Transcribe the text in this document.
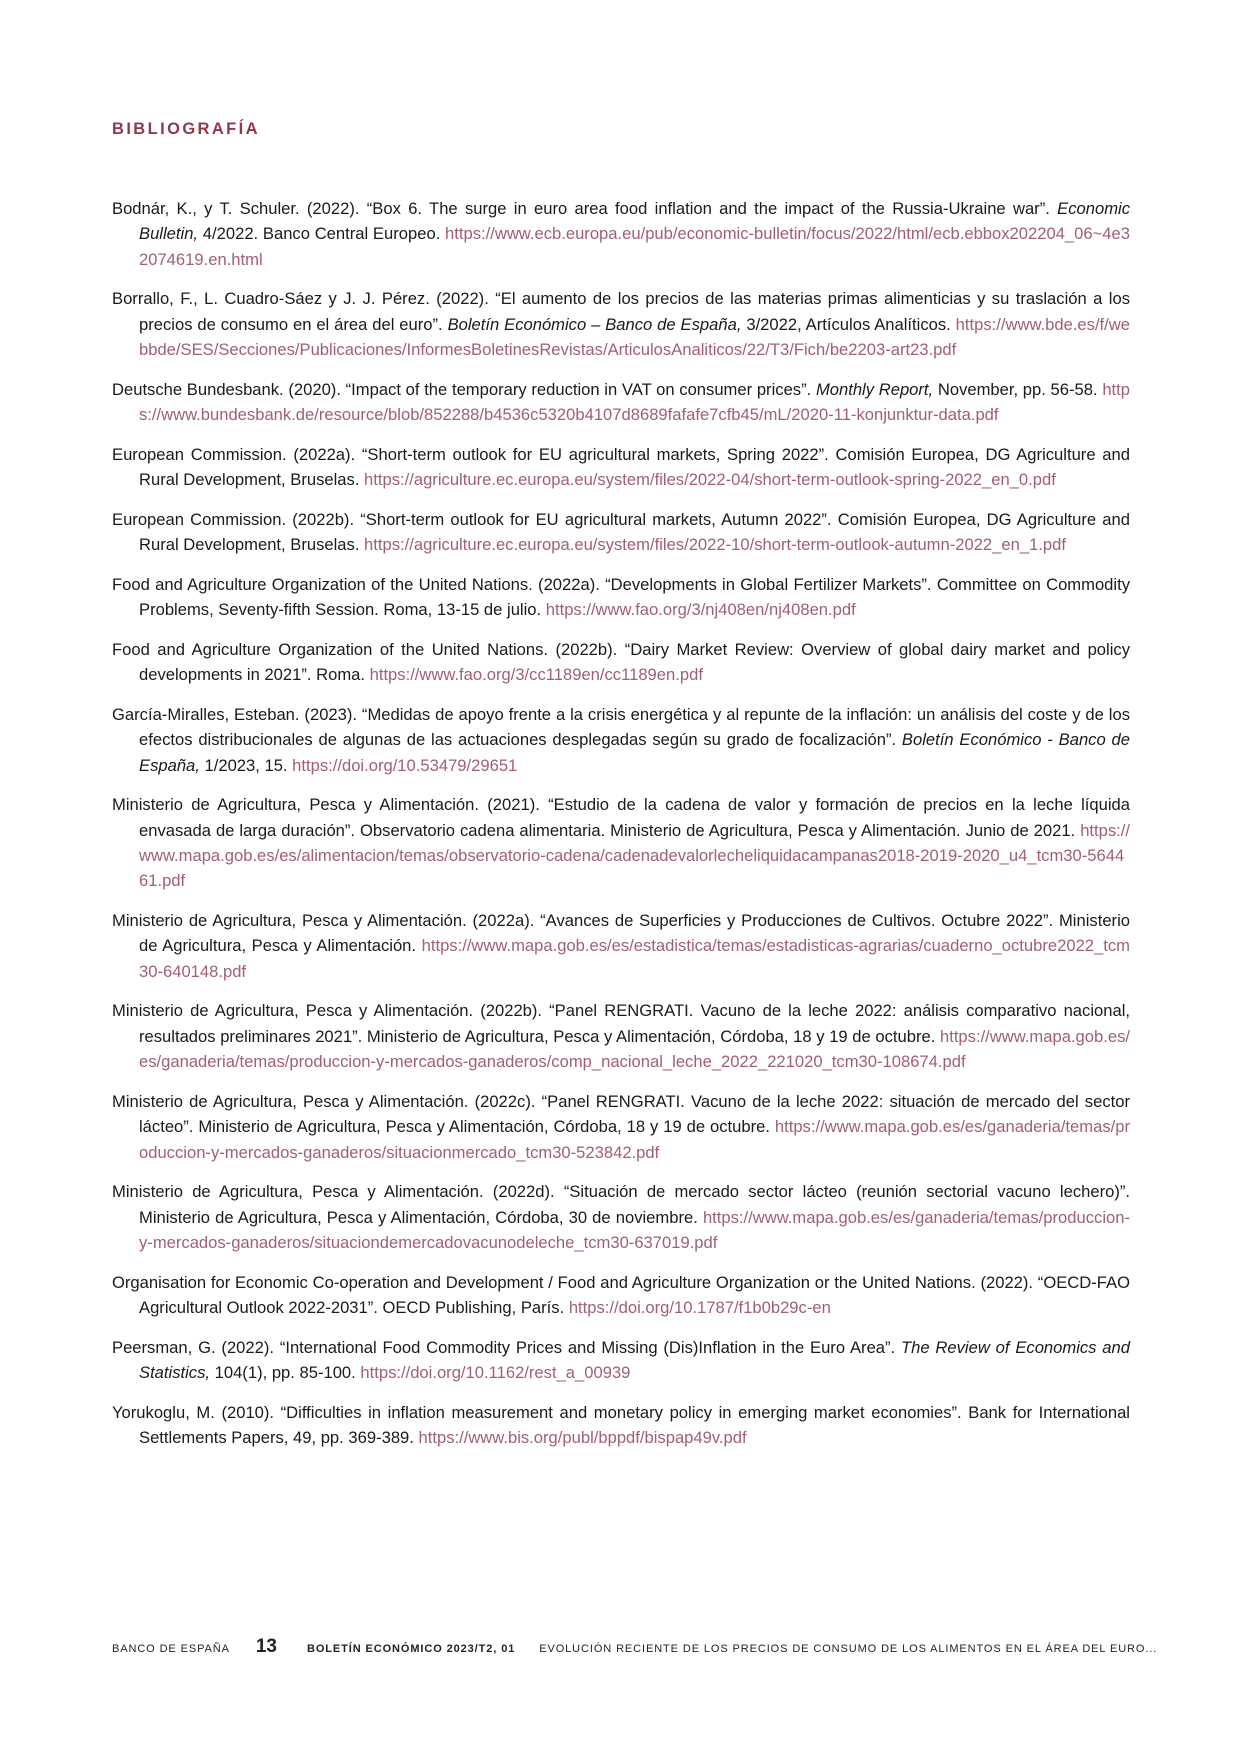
BIBLIOGRAFÍA

Bodnár, K., y T. Schuler. (2022). “Box 6. The surge in euro area food inflation and the impact of the Russia-Ukraine war”. Economic Bulletin, 4/2022. Banco Central Europeo. https://www.ecb.europa.eu/pub/economic-bulletin/focus/2022/html/ecb.ebbox202204_06~4e32074619.en.html

Borrallo, F., L. Cuadro-Sáez y J. J. Pérez. (2022). “El aumento de los precios de las materias primas alimenticias y su traslación a los precios de consumo en el área del euro”. Boletín Económico – Banco de España, 3/2022, Artículos Analíticos. https://www.bde.es/f/webbde/SES/Secciones/Publicaciones/InformesBoletinesRevistas/ArticulosAnaliticos/22/T3/Fich/be2203-art23.pdf

Deutsche Bundesbank. (2020). “Impact of the temporary reduction in VAT on consumer prices”. Monthly Report, November, pp. 56-58. https://www.bundesbank.de/resource/blob/852288/b4536c5320b4107d8689fafafe7cfb45/mL/2020-11-konjunktur-data.pdf

European Commission. (2022a). “Short-term outlook for EU agricultural markets, Spring 2022”. Comisión Europea, DG Agriculture and Rural Development, Bruselas. https://agriculture.ec.europa.eu/system/files/2022-04/short-term-outlook-spring-2022_en_0.pdf

European Commission. (2022b). “Short-term outlook for EU agricultural markets, Autumn 2022”. Comisión Europea, DG Agriculture and Rural Development, Bruselas. https://agriculture.ec.europa.eu/system/files/2022-10/short-term-outlook-autumn-2022_en_1.pdf

Food and Agriculture Organization of the United Nations. (2022a). “Developments in Global Fertilizer Markets”. Committee on Commodity Problems, Seventy-fifth Session. Roma, 13-15 de julio. https://www.fao.org/3/nj408en/nj408en.pdf

Food and Agriculture Organization of the United Nations. (2022b). “Dairy Market Review: Overview of global dairy market and policy developments in 2021”. Roma. https://www.fao.org/3/cc1189en/cc1189en.pdf

García-Miralles, Esteban. (2023). “Medidas de apoyo frente a la crisis energética y al repunte de la inflación: un análisis del coste y de los efectos distribucionales de algunas de las actuaciones desplegadas según su grado de focalización”. Boletín Económico - Banco de España, 1/2023, 15. https://doi.org/10.53479/29651

Ministerio de Agricultura, Pesca y Alimentación. (2021). “Estudio de la cadena de valor y formación de precios en la leche líquida envasada de larga duración”. Observatorio cadena alimentaria. Ministerio de Agricultura, Pesca y Alimentación. Junio de 2021. https://www.mapa.gob.es/es/alimentacion/temas/observatorio-cadena/cadenadevalorlecheliquidacampanas2018-2019-2020_u4_tcm30-564461.pdf

Ministerio de Agricultura, Pesca y Alimentación. (2022a). “Avances de Superficies y Producciones de Cultivos. Octubre 2022”. Ministerio de Agricultura, Pesca y Alimentación. https://www.mapa.gob.es/es/estadistica/temas/estadisticas-agrarias/cuaderno_octubre2022_tcm30-640148.pdf

Ministerio de Agricultura, Pesca y Alimentación. (2022b). “Panel RENGRATI. Vacuno de la leche 2022: análisis comparativo nacional, resultados preliminares 2021”. Ministerio de Agricultura, Pesca y Alimentación, Córdoba, 18 y 19 de octubre. https://www.mapa.gob.es/es/ganaderia/temas/produccion-y-mercados-ganaderos/comp_nacional_leche_2022_221020_tcm30-108674.pdf

Ministerio de Agricultura, Pesca y Alimentación. (2022c). “Panel RENGRATI. Vacuno de la leche 2022: situación de mercado del sector lácteo”. Ministerio de Agricultura, Pesca y Alimentación, Córdoba, 18 y 19 de octubre. https://www.mapa.gob.es/es/ganaderia/temas/produccion-y-mercados-ganaderos/situacionmercado_tcm30-523842.pdf

Ministerio de Agricultura, Pesca y Alimentación. (2022d). “Situación de mercado sector lácteo (reunión sectorial vacuno lechero)”. Ministerio de Agricultura, Pesca y Alimentación, Córdoba, 30 de noviembre. https://www.mapa.gob.es/es/ganaderia/temas/produccion-y-mercados-ganaderos/situaciondemercadovacunodeleche_tcm30-637019.pdf

Organisation for Economic Co-operation and Development / Food and Agriculture Organization or the United Nations. (2022). “OECD-FAO Agricultural Outlook 2022-2031”. OECD Publishing, París. https://doi.org/10.1787/f1b0b29c-en

Peersman, G. (2022). “International Food Commodity Prices and Missing (Dis)Inflation in the Euro Area”. The Review of Economics and Statistics, 104(1), pp. 85-100. https://doi.org/10.1162/rest_a_00939

Yorukoglu, M. (2010). “Difficulties in inflation measurement and monetary policy in emerging market economies”. Bank for International Settlements Papers, 49, pp. 369-389. https://www.bis.org/publ/bppdf/bispap49v.pdf

BANCO DE ESPAÑA 13	BOLETÍN ECONÓMICO 2023/T2, 01 EVOLUCIÓN RECIENTE DE LOS PRECIOS DE CONSUMO DE LOS ALIMENTOS EN EL ÁREA DEL EURO...
